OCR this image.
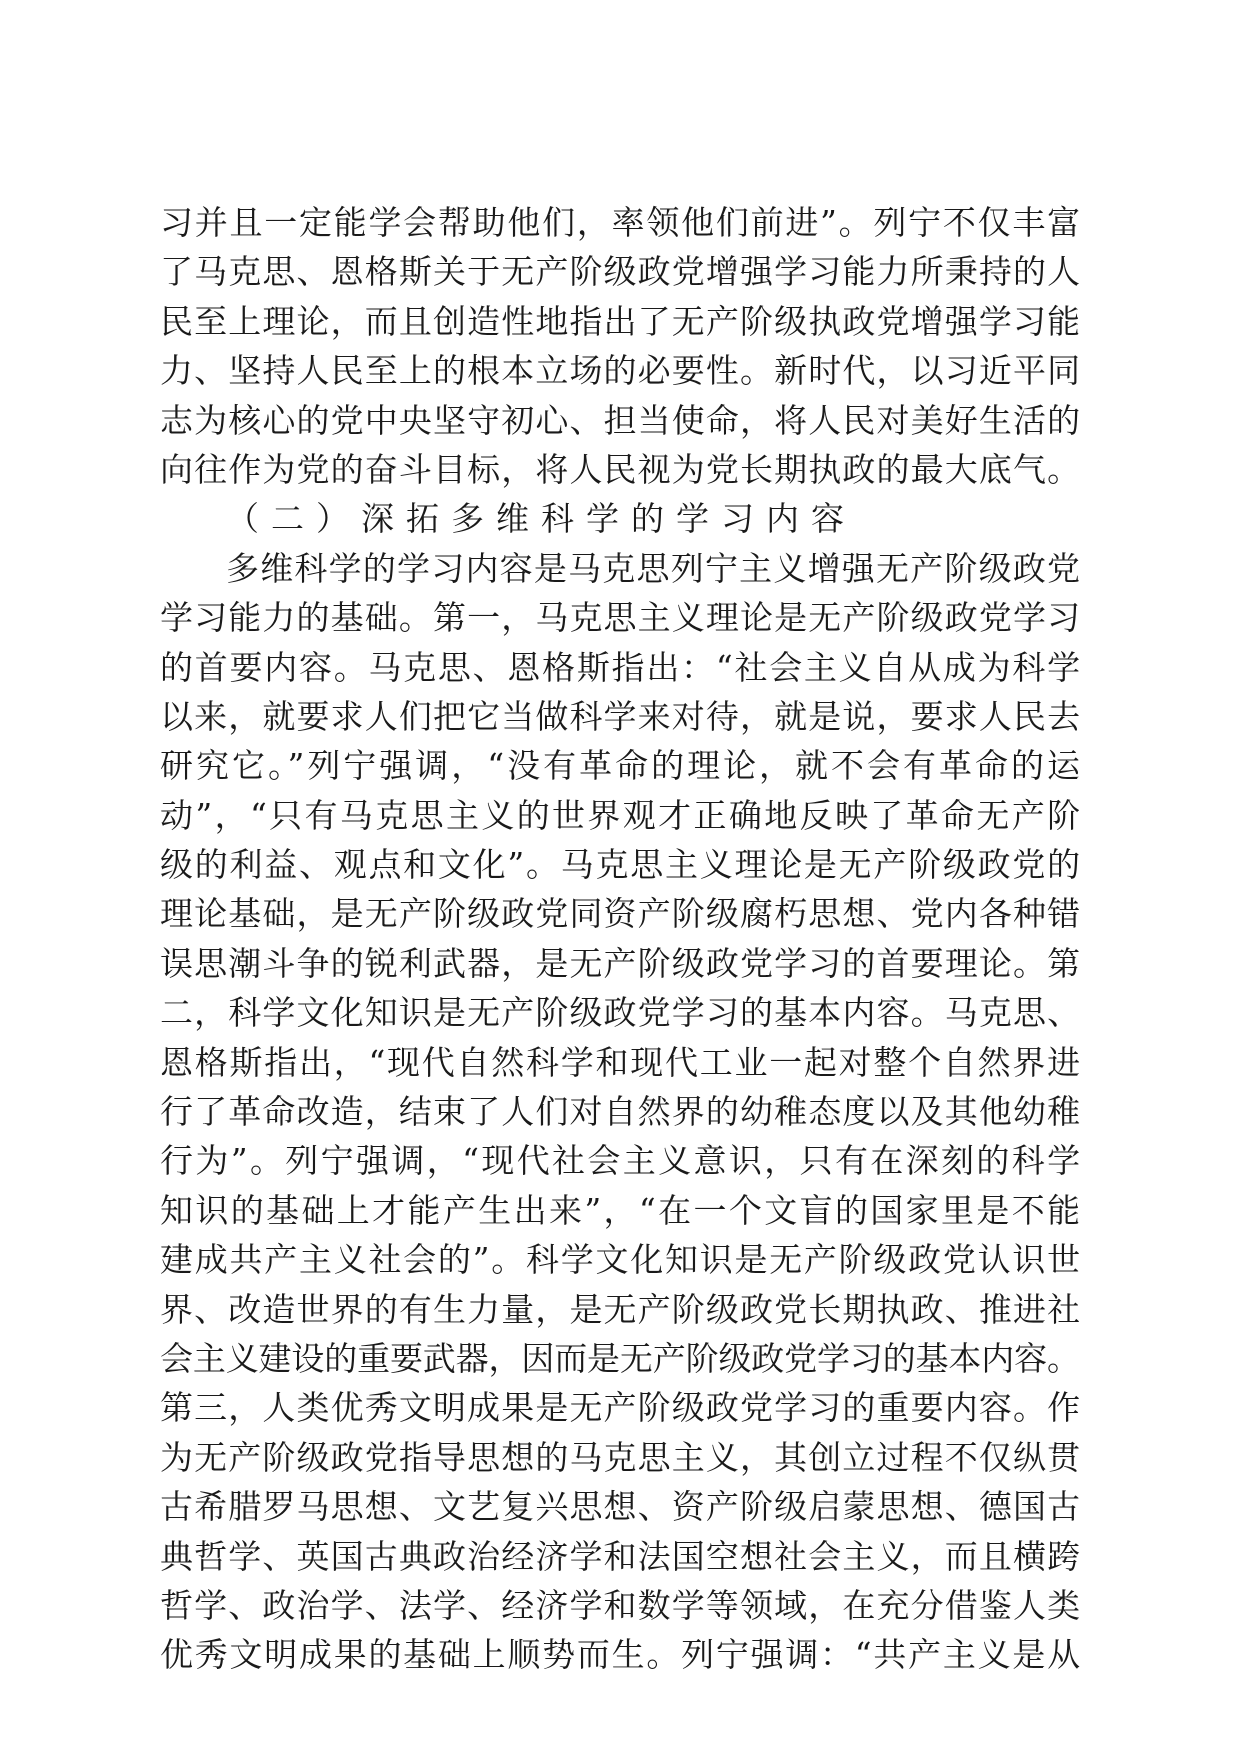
习并且一定能学会帮助他们，率领他们前进”。列宁不仅丰富
了马克思、恩格斯关于无产阶级政党增强学习能力所秉持的人
民至上理论，而且创造性地指出了无产阶级执政党增强学习能
力、坚持人民至上的根本立场的必要性。新时代，以习近平同
志为核心的党中央坚守初心、担当使命，将人民对美好生活的
向往作为党的奋斗目标，将人民视为党长期执政的最大底气。
（二）深拓多维科学的学习内容
多维科学的学习内容是马克思列宁主义增强无产阶级政党
学习能力的基础。第一，马克思主义理论是无产阶级政党学习
的首要内容。马克思、恩格斯指出：“社会主义自从成为科学
以来，就要求人们把它当做科学来对待，就是说，要求人民去
研究它。”列宁强调，“没有革命的理论，就不会有革命的运
动”，“只有马克思主义的世界观才正确地反映了革命无产阶
级的利益、观点和文化”。马克思主义理论是无产阶级政党的
理论基础，是无产阶级政党同资产阶级腐朽思想、党内各种错
误思潮斗争的锐利武器，是无产阶级政党学习的首要理论。第
二，科学文化知识是无产阶级政党学习的基本内容。马克思、
恩格斯指出，“现代自然科学和现代工业一起对整个自然界进
行了革命改造，结束了人们对自然界的幼稚态度以及其他幼稚
行为”。列宁强调，“现代社会主义意识，只有在深刻的科学
知识的基础上才能产生出来”，“在一个文盲的国家里是不能
建成共产主义社会的”。科学文化知识是无产阶级政党认识世
界、改造世界的有生力量，是无产阶级政党长期执政、推进社
会主义建设的重要武器，因而是无产阶级政党学习的基本内容。
第三，人类优秀文明成果是无产阶级政党学习的重要内容。作
为无产阶级政党指导思想的马克思主义，其创立过程不仅纵贯
古希腊罗马思想、文艺复兴思想、资产阶级启蒙思想、德国古
典哲学、英国古典政治经济学和法国空想社会主义，而且横跨
哲学、政治学、法学、经济学和数学等领域，在充分借鉴人类
优秀文明成果的基础上顺势而生。列宁强调：“共产主义是从
